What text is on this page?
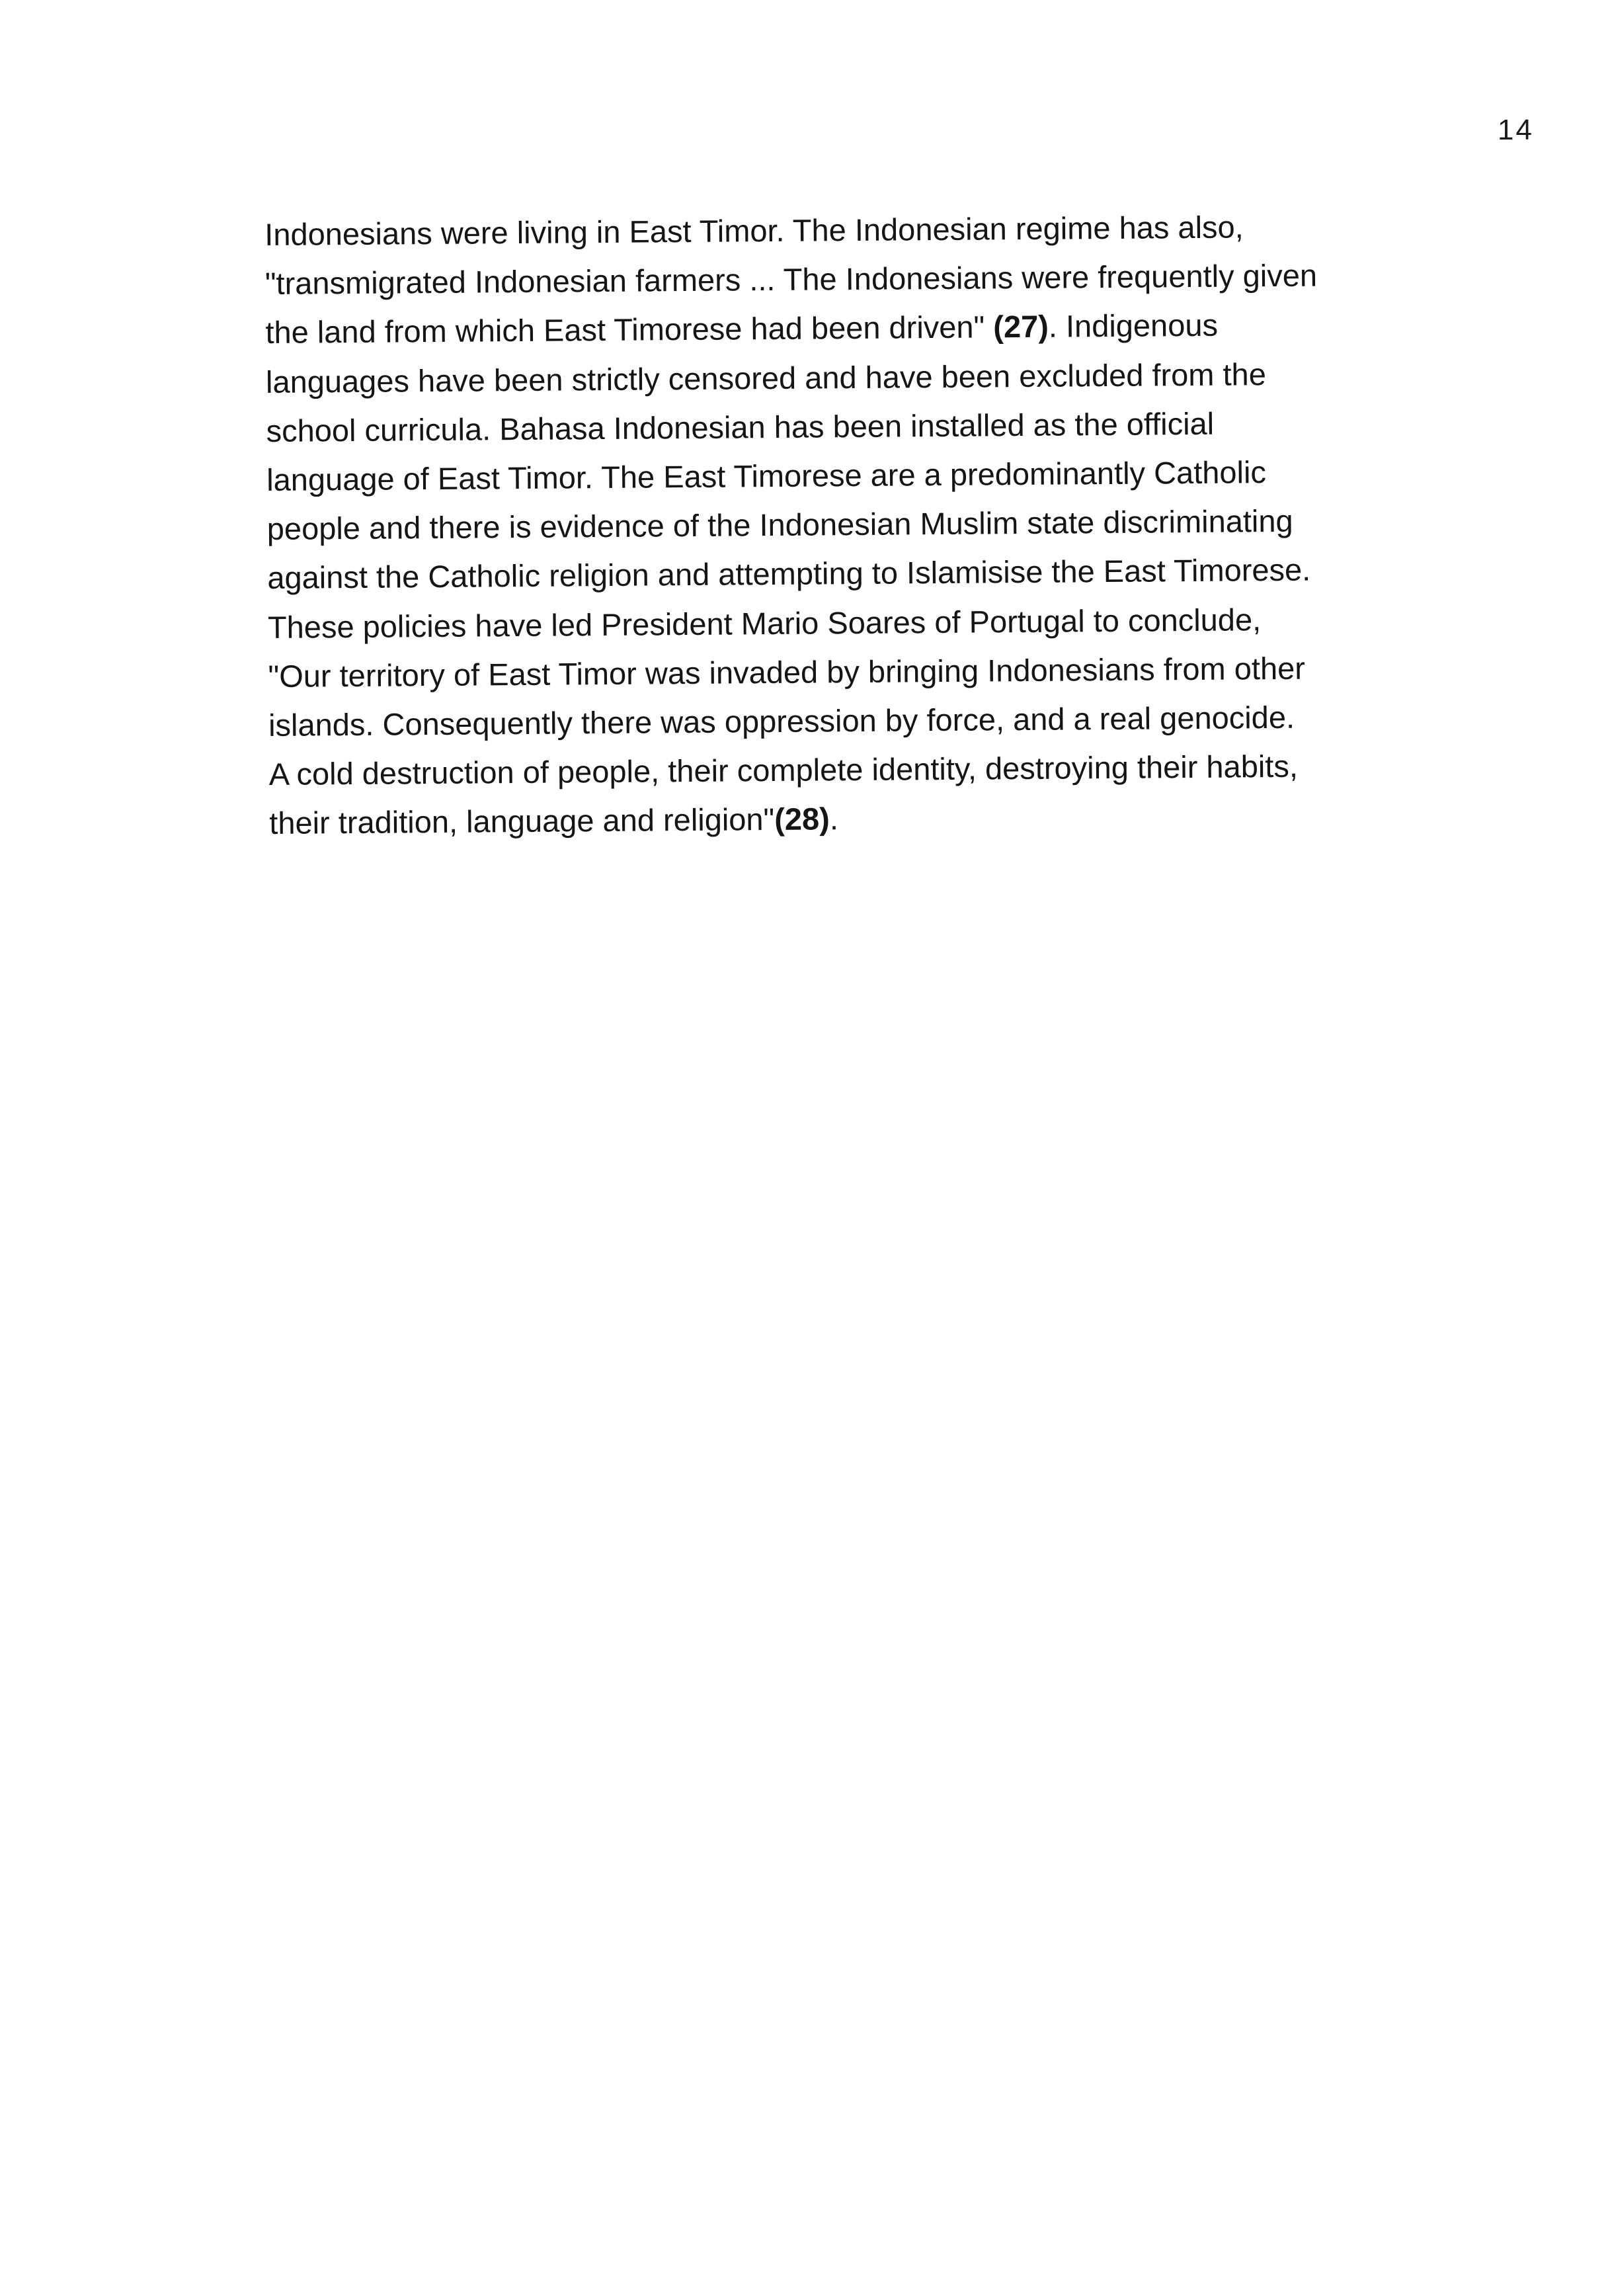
14

Indonesians were living in East Timor. The Indonesian regime has also,
"transmigrated Indonesian farmers ... The Indonesians were frequently given
the land from which East Timorese had been driven" (27). Indigenous
languages have been strictly censored and have been excluded from the
school curricula. Bahasa Indonesian has been installed as the official
language of East Timor. The East Timorese are a predominantly Catholic
people and there is evidence of the Indonesian Muslim state discriminating
against the Catholic religion and attempting to Islamisise the East Timorese.
These policies have led President Mario Soares of Portugal to conclude,
"Our territory of East Timor was invaded by bringing Indonesians from other
islands. Consequently there was oppression by force, and a real genocide.
A cold destruction of people, their complete identity, destroying their habits,
their tradition, language and religion"(28).
